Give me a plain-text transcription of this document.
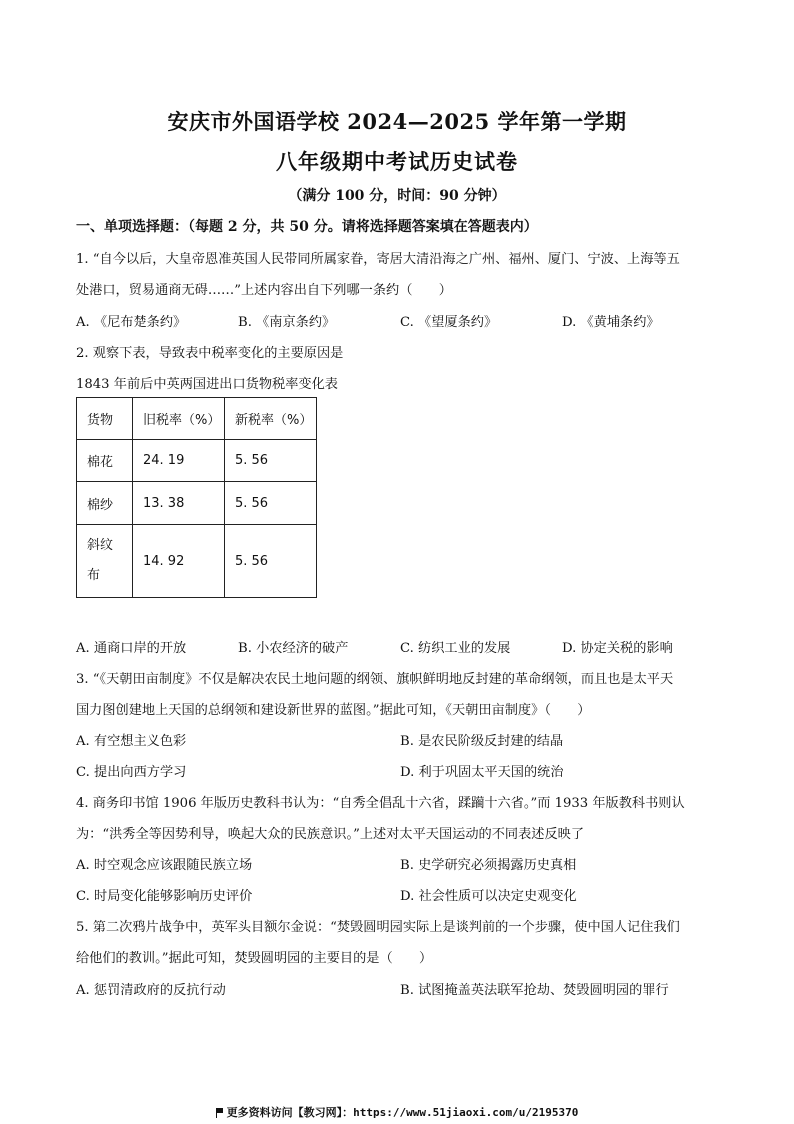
安庆市外国语学校 2024—2025 学年第一学期
八年级期中考试历史试卷
（满分 100 分，时间：90 分钟）
一、单项选择题：（每题 2 分，共 50 分。请将选择题答案填在答题表内）
1. “自今以后，大皇帝恩准英国人民带同所属家眷，寄居大清沿海之广州、福州、厦门、宁波、上海等五
处港口，贸易通商无碍……”上述内容出自下列哪一条约（　　）
A. 《尼布楚条约》	B. 《南京条约》	C. 《望厦条约》	D. 《黄埔条约》
2. 观察下表，导致表中税率变化的主要原因是
1843 年前后中英两国进出口货物税率变化表
货物	旧税率（%）	新税率（%）
棉花	24. 19	5. 56
棉纱	13. 38	5. 56

斜纹
布	14. 92	5. 56
A. 通商口岸的开放	B. 小农经济的破产	C. 纺织工业的发展	D. 协定关税的影响
3. “《天朝田亩制度》不仅是解决农民土地问题的纲领、旗帜鲜明地反封建的革命纲领，而且也是太平天
国力图创建地上天国的总纲领和建设新世界的蓝图。”据此可知，《天朝田亩制度》（　　）
A. 有空想主义色彩	B. 是农民阶级反封建的结晶
C. 提出向西方学习	D. 利于巩固太平天国的统治
4. 商务印书馆 1906 年版历史教科书认为：“自秀全倡乱十六省，蹂躏十六省。”而 1933 年版教科书则认
为：“洪秀全等因势利导，唤起大众的民族意识。”上述对太平天国运动的不同表述反映了
A. 时空观念应该跟随民族立场	B. 史学研究必须揭露历史真相
C. 时局变化能够影响历史评价	D. 社会性质可以决定史观变化
5. 第二次鸦片战争中，英军头目额尔金说：“焚毁圆明园实际上是谈判前的一个步骤，使中国人记住我们
给他们的教训。”据此可知，焚毁圆明园的主要目的是（　　）
A. 惩罚清政府的反抗行动	B. 试图掩盖英法联军抢劫、焚毁圆明园的罪行
更多资料访问【教习网】：https://www.51jiaoxi.com/u/2195370
